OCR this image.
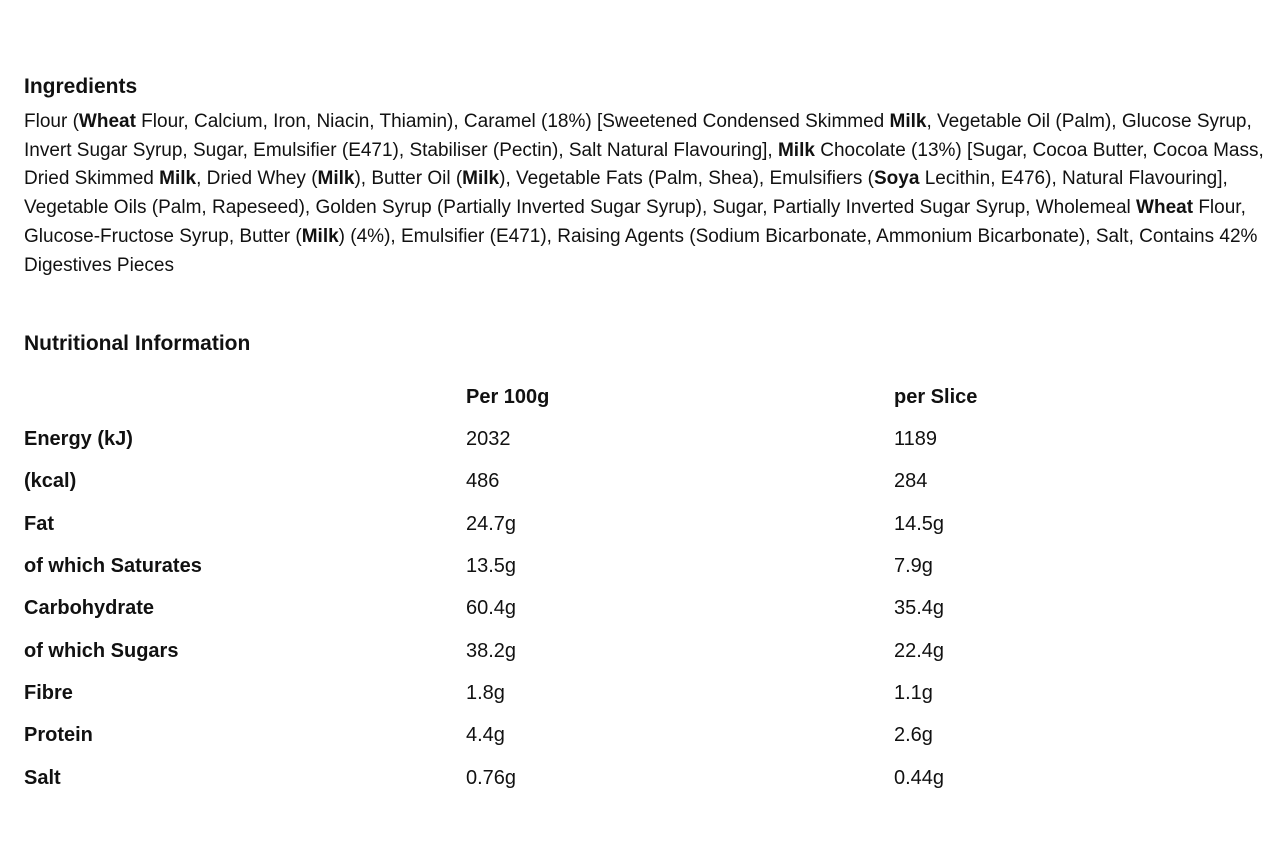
Ingredients

Flour (Wheat Flour, Calcium, Iron, Niacin, Thiamin), Caramel (18%) [Sweetened Condensed Skimmed Milk, Vegetable Oil (Palm), Glucose Syrup, Invert Sugar Syrup, Sugar, Emulsifier (E471), Stabiliser (Pectin), Salt Natural Flavouring], Milk Chocolate (13%) [Sugar, Cocoa Butter, Cocoa Mass, Dried Skimmed Milk, Dried Whey (Milk), Butter Oil (Milk), Vegetable Fats (Palm, Shea), Emulsifiers (Soya Lecithin, E476), Natural Flavouring], Vegetable Oils (Palm, Rapeseed), Golden Syrup (Partially Inverted Sugar Syrup), Sugar, Partially Inverted Sugar Syrup, Wholemeal Wheat Flour, Glucose-Fructose Syrup, Butter (Milk) (4%), Emulsifier (E471), Raising Agents (Sodium Bicarbonate, Ammonium Bicarbonate), Salt, Contains 42% Digestives Pieces

Nutritional Information
	Per 100g	per Slice
Energy (kJ)	2032	1189
(kcal)	486	284
Fat	24.7g	14.5g
of which Saturates	13.5g	7.9g
Carbohydrate	60.4g	35.4g
of which Sugars	38.2g	22.4g
Fibre	1.8g	1.1g
Protein	4.4g	2.6g
Salt	0.76g	0.44g
